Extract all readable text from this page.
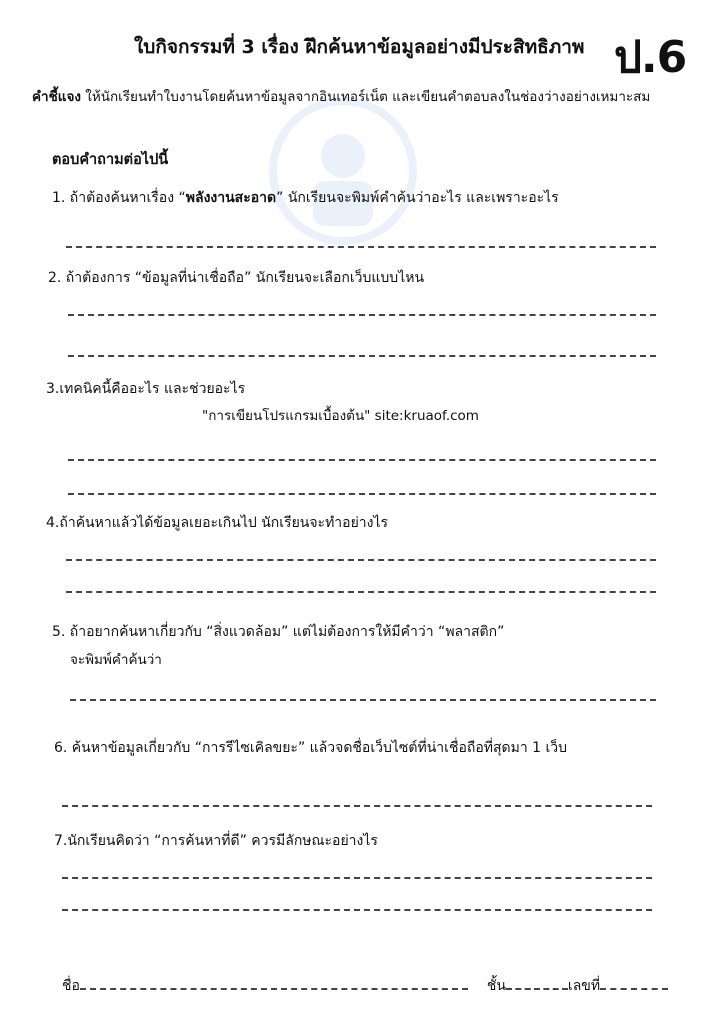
ใบกิจกรรมที่ 3 เรื่อง ฝึกค้นหาข้อมูลอย่างมีประสิทธิภาพ ป.6
คำชี้แจง ให้นักเรียนทำใบงานโดยค้นหาข้อมูลจากอินเทอร์เน็ต และเขียนคำตอบลงในช่องว่างอย่างเหมาะสม
ตอบคำถามต่อไปนี้
1. ถ้าต้องค้นหาเรื่อง “พลังงานสะอาด” นักเรียนจะพิมพ์คำค้นว่าอะไร และเพราะอะไร
2. ถ้าต้องการ “ข้อมูลที่น่าเชื่อถือ” นักเรียนจะเลือกเว็บแบบไหน
3.เทคนิคนี้คืออะไร และช่วยอะไร
"การเขียนโปรแกรมเบื้องต้น" site:kruaof.com
4.ถ้าค้นหาแล้วได้ข้อมูลเยอะเกินไป นักเรียนจะทำอย่างไร
5. ถ้าอยากค้นหาเกี่ยวกับ “สิ่งแวดล้อม” แต่ไม่ต้องการให้มีคำว่า “พลาสติก”
จะพิมพ์คำค้นว่า
6. ค้นหาข้อมูลเกี่ยวกับ “การรีไซเคิลขยะ” แล้วจดชื่อเว็บไซต์ที่น่าเชื่อถือที่สุดมา 1 เว็บ
7.นักเรียนคิดว่า “การค้นหาที่ดี” ควรมีลักษณะอย่างไร
ชื่อ	ชั้น	เลขที่
